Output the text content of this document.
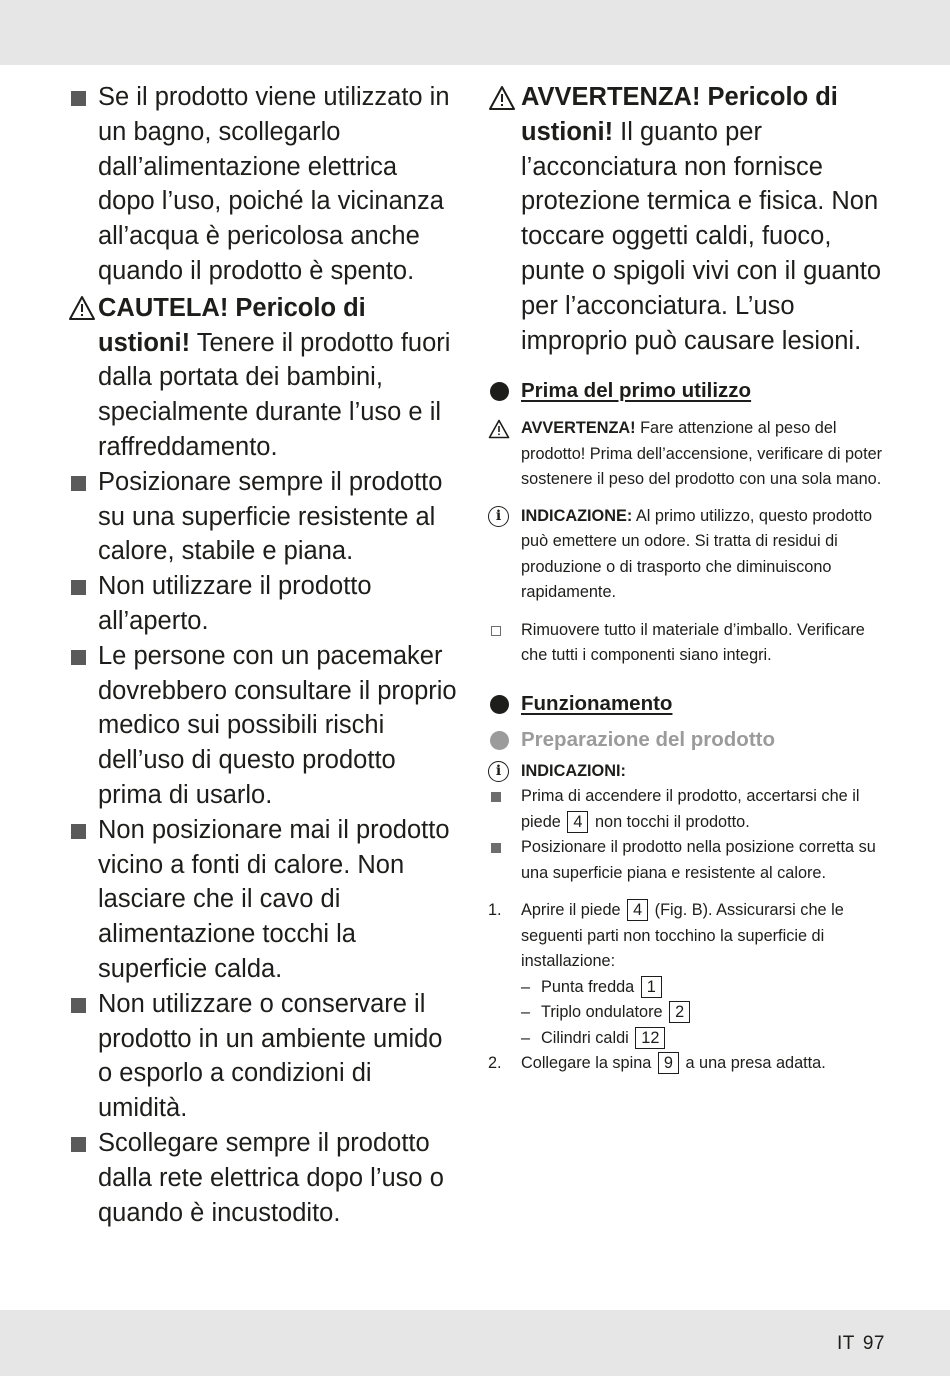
Se il prodotto viene utilizzato in un bagno, scollegarlo dall’alimentazione elettrica dopo l’uso, poiché la vicinanza all’acqua è pericolosa anche quando il prodotto è spento.
CAUTELA! Pericolo di ustioni! Tenere il prodotto fuori dalla portata dei bambini, specialmente durante l’uso e il raffreddamento.
Posizionare sempre il prodotto su una superficie resistente al calore, stabile e piana.
Non utilizzare il prodotto all’aperto.
Le persone con un pacemaker dovrebbero consultare il proprio medico sui possibili rischi dell’uso di questo prodotto prima di usarlo.
Non posizionare mai il prodotto vicino a fonti di calore. Non lasciare che il cavo di alimentazione tocchi la superficie calda.
Non utilizzare o conservare il prodotto in un ambiente umido o esporlo a condizioni di umidità.
Scollegare sempre il prodotto dalla rete elettrica dopo l’uso o quando è incustodito.
AVVERTENZA! Pericolo di ustioni! Il guanto per l’acconciatura non fornisce protezione termica e fisica. Non toccare oggetti caldi, fuoco, punte o spigoli vivi con il guanto per l’acconciatura. L’uso improprio può causare lesioni.
Prima del primo utilizzo
AVVERTENZA! Fare attenzione al peso del prodotto! Prima dell’accensione, verificare di poter sostenere il peso del prodotto con una sola mano.
i	INDICAZIONE: Al primo utilizzo, questo prodotto può emettere un odore. Si tratta di residui di produzione o di trasporto che diminuiscono rapidamente.
Rimuovere tutto il materiale d’imballo. Verificare che tutti i componenti siano integri.
Funzionamento
Preparazione del prodotto
i	INDICAZIONI:
Prima di accendere il prodotto, accertarsi che il piede 4 non tocchi il prodotto.
Posizionare il prodotto nella posizione corretta su una superficie piana e resistente al calore.
1. Aprire il piede 4 (Fig. B). Assicurarsi che le seguenti parti non tocchino la superficie di installazione:
– Punta fredda 1
– Triplo ondulatore 2
– Cilindri caldi 12
2. Collegare la spina 9 a una presa adatta.
IT 97
